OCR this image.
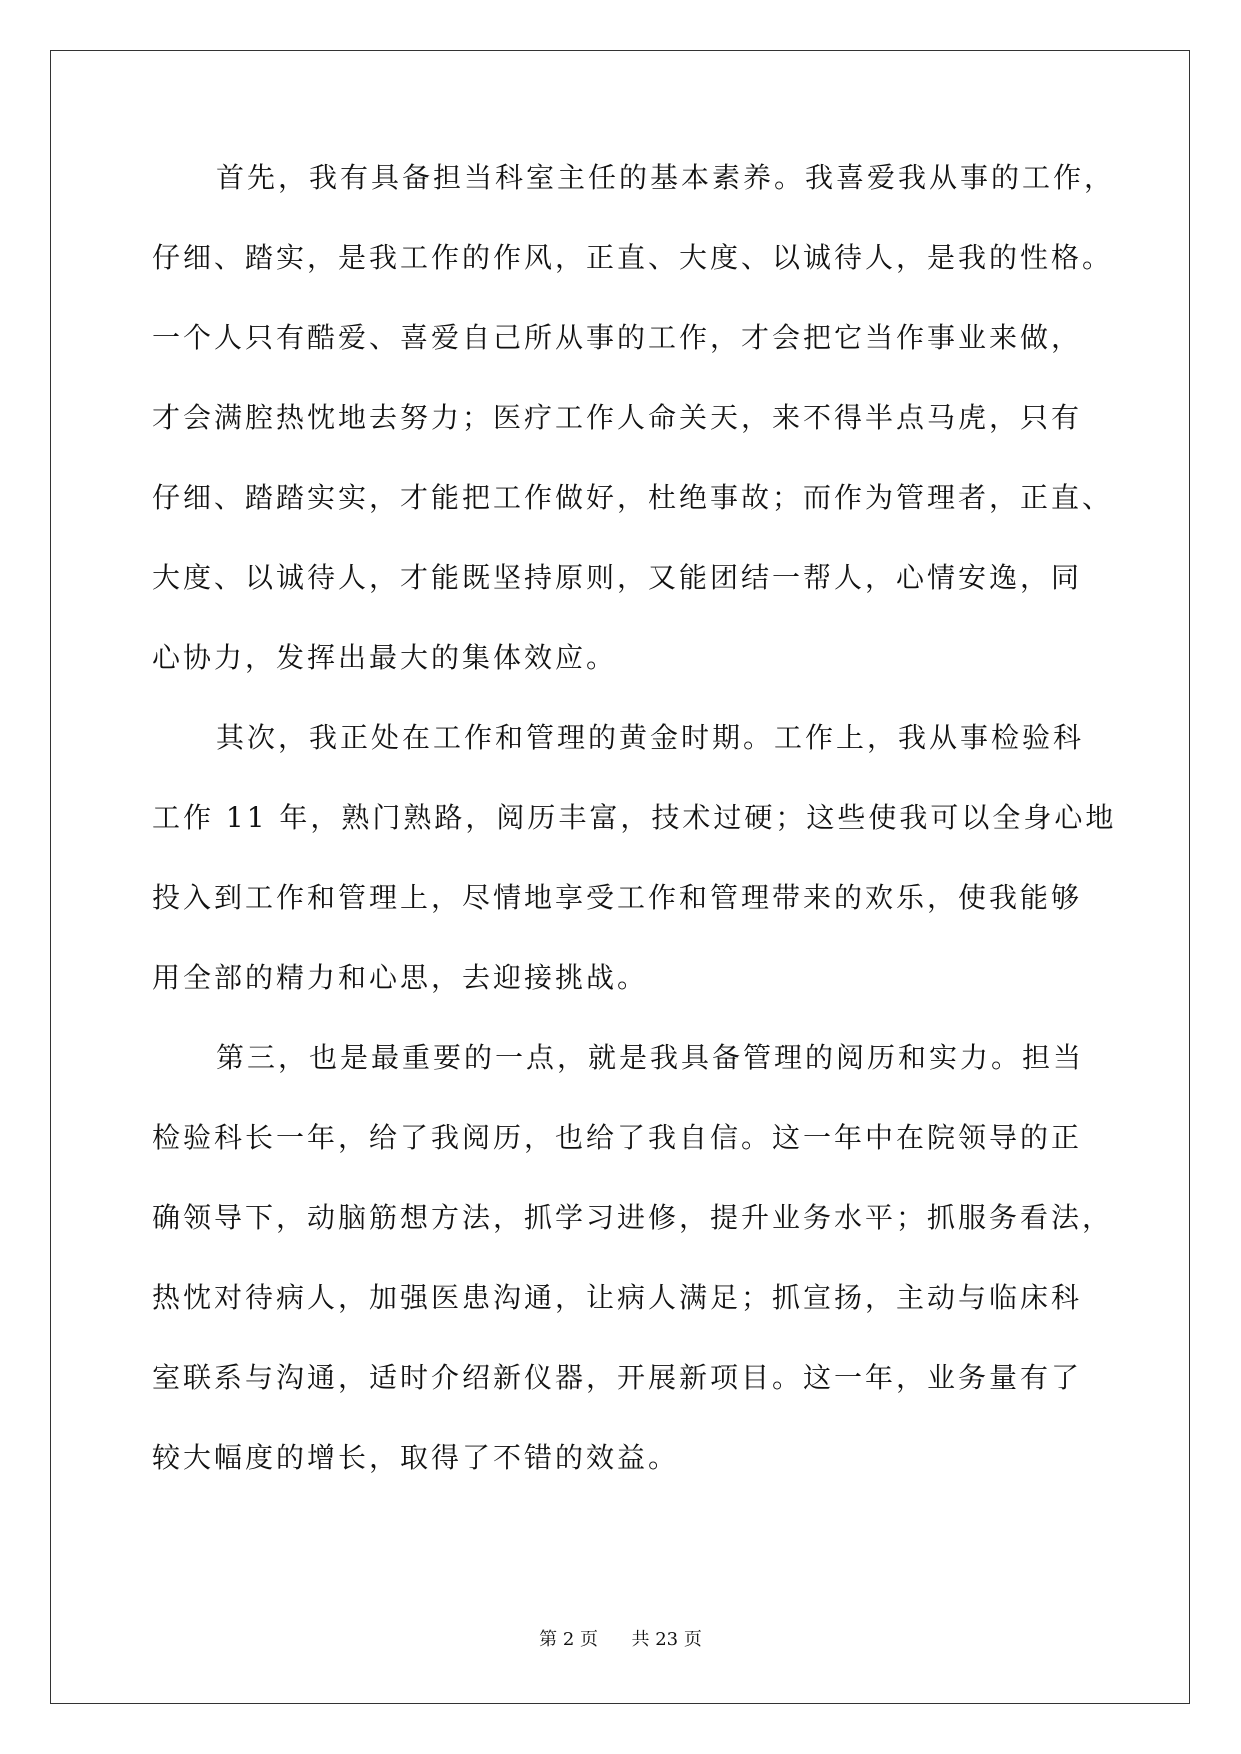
首先，我有具备担当科室主任的基本素养。我喜爱我从事的工作，
仔细、踏实，是我工作的作风，正直、大度、以诚待人，是我的性格。
一个人只有酷爱、喜爱自己所从事的工作，才会把它当作事业来做，
才会满腔热忱地去努力；医疗工作人命关天，来不得半点马虎，只有
仔细、踏踏实实，才能把工作做好，杜绝事故；而作为管理者，正直、
大度、以诚待人，才能既坚持原则，又能团结一帮人，心情安逸，同
心协力，发挥出最大的集体效应。
其次，我正处在工作和管理的黄金时期。工作上，我从事检验科
工作 11 年，熟门熟路，阅历丰富，技术过硬；这些使我可以全身心地
投入到工作和管理上，尽情地享受工作和管理带来的欢乐，使我能够
用全部的精力和心思，去迎接挑战。
第三，也是最重要的一点，就是我具备管理的阅历和实力。担当
检验科长一年，给了我阅历，也给了我自信。这一年中在院领导的正
确领导下，动脑筋想方法，抓学习进修，提升业务水平；抓服务看法，
热忱对待病人，加强医患沟通，让病人满足；抓宣扬，主动与临床科
室联系与沟通，适时介绍新仪器，开展新项目。这一年，业务量有了
较大幅度的增长，取得了不错的效益。
第 2 页 共 23 页
